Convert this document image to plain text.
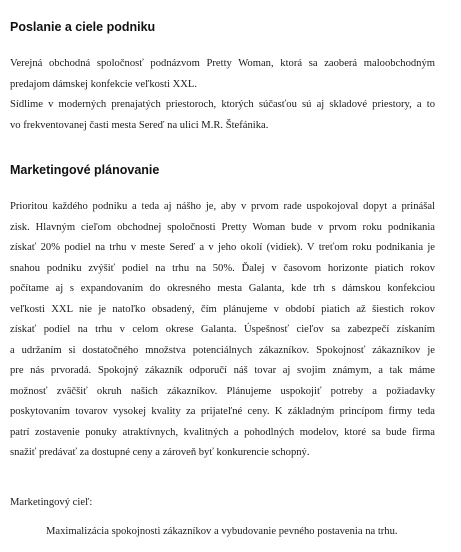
Poslanie a ciele podniku
Verejná obchodná spoločnosť podnázvom Pretty Woman, ktorá sa zaoberá maloobchodným
predajom dámskej konfekcie veľkosti XXL.
Sídlime v moderných prenajatých priestoroch, ktorých súčasťou sú aj skladové priestory, a to
vo frekventovanej časti mesta Sereď na ulici M.R. Štefánika.
Marketingové plánovanie
Prioritou každého podniku a teda aj nášho je, aby v prvom rade uspokojoval dopyt a prinášal
zisk. Hlavným cieľom obchodnej spoločnosti Pretty Woman bude v prvom roku podnikania
získať 20% podiel na trhu v meste Sereď a v jeho okolí (vidiek). V treťom roku podnikania je
snahou podniku zvýšiť podiel na trhu na 50%. Ďalej v časovom horizonte piatich rokov
počítame aj s expandovaním do okresného mesta Galanta, kde trh s dámskou konfekciou
veľkosti XXL nie je natoľko obsadený, čím plánujeme v období piatich až šiestich rokov
získať podiel na trhu v celom okrese Galanta. Úspešnosť cieľov sa zabezpečí získaním
a udržaním si dostatočného množstva potenciálnych zákazníkov. Spokojnosť zákazníkov je
pre nás prvoradá. Spokojný zákazník odporučí náš tovar aj svojim známym, a tak máme
možnosť zväčšiť okruh našich zákazníkov. Plánujeme uspokojiť potreby a požiadavky
poskytovaním tovarov vysokej kvality za prijateľné ceny. K základným princípom firmy teda
patrí zostavenie ponuky atraktívnych, kvalitných a pohodlných modelov, ktoré sa bude firma
snažiť predávať za dostupné ceny a zároveň byť konkurencie schopný.
Marketingový cieľ:
Maximalizácia spokojnosti zákazníkov a vybudovanie pevného postavenia na trhu.
